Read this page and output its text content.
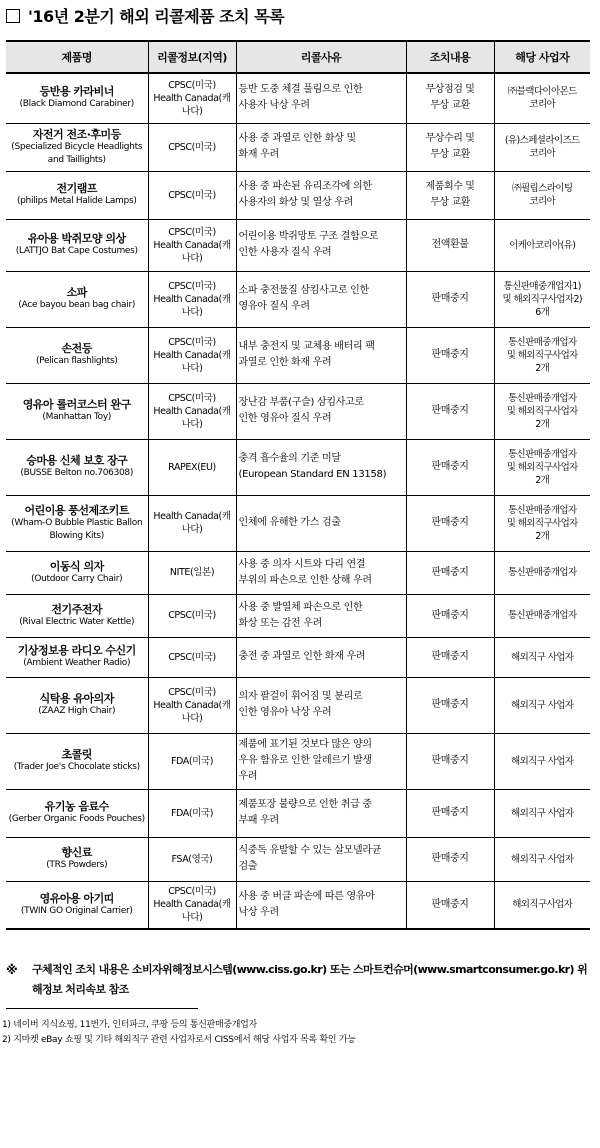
'16년 2분기 해외 리콜제품 조치 목록
제품명	리콜정보(지역)	리콜사유	조치내용	해당 사업자

등반용 카라비너
(Black Diamond Carabiner)	CPSC(미국)
Health Canada(캐나다)	등반 도중 체결 풀림으로 인한
사용자 낙상 우려	무상점검 및
무상 교환	㈜블랙다이아몬드
코리아

자전거 전조·후미등
(Specialized Bicycle Headlights and Taillights)	CPSC(미국)	사용 중 과열로 인한 화상 및
화재 우려	무상수리 및
무상 교환	(유)스페셜라이즈드
코리아

전기램프
(philips Metal Halide Lamps)	CPSC(미국)	사용 중 파손된 유리조각에 의한
사용자의 화상 및 열상 우려	제품회수 및
무상 교환	㈜필립스라이팅
코리아

유아용 박쥐모양 의상
(LATTJO Bat Cape Costumes)	CPSC(미국)
Health Canada(캐나다)	어린이용 박쥐망토 구조 결함으로
인한 사용자 질식 우려	전액환불	이케아코리아(유)

소파
(Ace bayou bean bag chair)	CPSC(미국)
Health Canada(캐나다)	소파 충전물질 삼킴사고로 인한
영유아 질식 우려	판매중지	통신판매중개업자1)
및 해외직구사업자2)
6개

손전등
(Pelican flashlights)	CPSC(미국)
Health Canada(캐나다)	내부 충전지 및 교체용 배터리 팩
과열로 인한 화재 우려	판매중지	통신판매중개업자
및 해외직구사업자
2개

영유아 롤러코스터 완구
(Manhattan Toy)	CPSC(미국)
Health Canada(캐나다)	장난감 부품(구슬) 삼킴사고로
인한 영유아 질식 우려	판매중지	통신판매중개업자
및 해외직구사업자
2개

승마용 신체 보호 장구
(BUSSE Belton no.706308)	RAPEX(EU)	충격 흡수율의 기준 미달
(European Standard EN 13158)	판매중지	통신판매중개업자
및 해외직구사업자
2개

어린이용 풍선제조키트
(Wham-O Bubble Plastic Ballon Blowing Kits)	Health Canada(캐나다)	인체에 유해한 가스 검출	판매중지	통신판매중개업자
및 해외직구사업자
2개

이동식 의자
(Outdoor Carry Chair)	NITE(일본)	사용 중 의자 시트와 다리 연결
부위의 파손으로 인한 상해 우려	판매중지	통신판매중개업자

전기주전자
(Rival Electric Water Kettle)	CPSC(미국)	사용 중 발열체 파손으로 인한
화상 또는 감전 우려	판매중지	통신판매중개업자

기상정보용 라디오 수신기
(Ambient Weather Radio)	CPSC(미국)	충전 중 과열로 인한 화재 우려	판매중지	해외직구 사업자

식탁용 유아의자
(ZAAZ High Chair)	CPSC(미국)
Health Canada(캐나다)	의자 팔걸이 휘어짐 및 분리로
인한 영유아 낙상 우려	판매중지	해외직구 사업자

초콜릿
(Trader Joe's Chocolate sticks)	FDA(미국)	제품에 표기된 것보다 많은 양의
우유 함유로 인한 알레르기 발생
우려	판매중지	해외직구 사업자

유기농 음료수
(Gerber Organic Foods Pouches)	FDA(미국)	제품포장 불량으로 인한 취급 중
부패 우려	판매중지	해외직구 사업자

향신료
(TRS Powders)	FSA(영국)	식중독 유발할 수 있는 살모넬라균
검출	판매중지	해외직구 사업자

영유아용 아기띠
(TWIN GO Original Carrier)	CPSC(미국)
Health Canada(캐나다)	사용 중 버클 파손에 따른 영유아
낙상 우려	판매중지	해외직구사업자
※	구체적인 조치 내용은 소비자위해정보시스템(www.ciss.go.kr) 또는 스마트컨슈머(www.smartconsumer.go.kr) 위해정보 처리속보 참조
1) 네이버 지식쇼핑, 11번가, 인터파크, 쿠팡 등의 통신판매중개업자
2) 지마켓 eBay 쇼핑 및 기타 해외직구 관련 사업자로서 CISS에서 해당 사업자 목록 확인 가능
